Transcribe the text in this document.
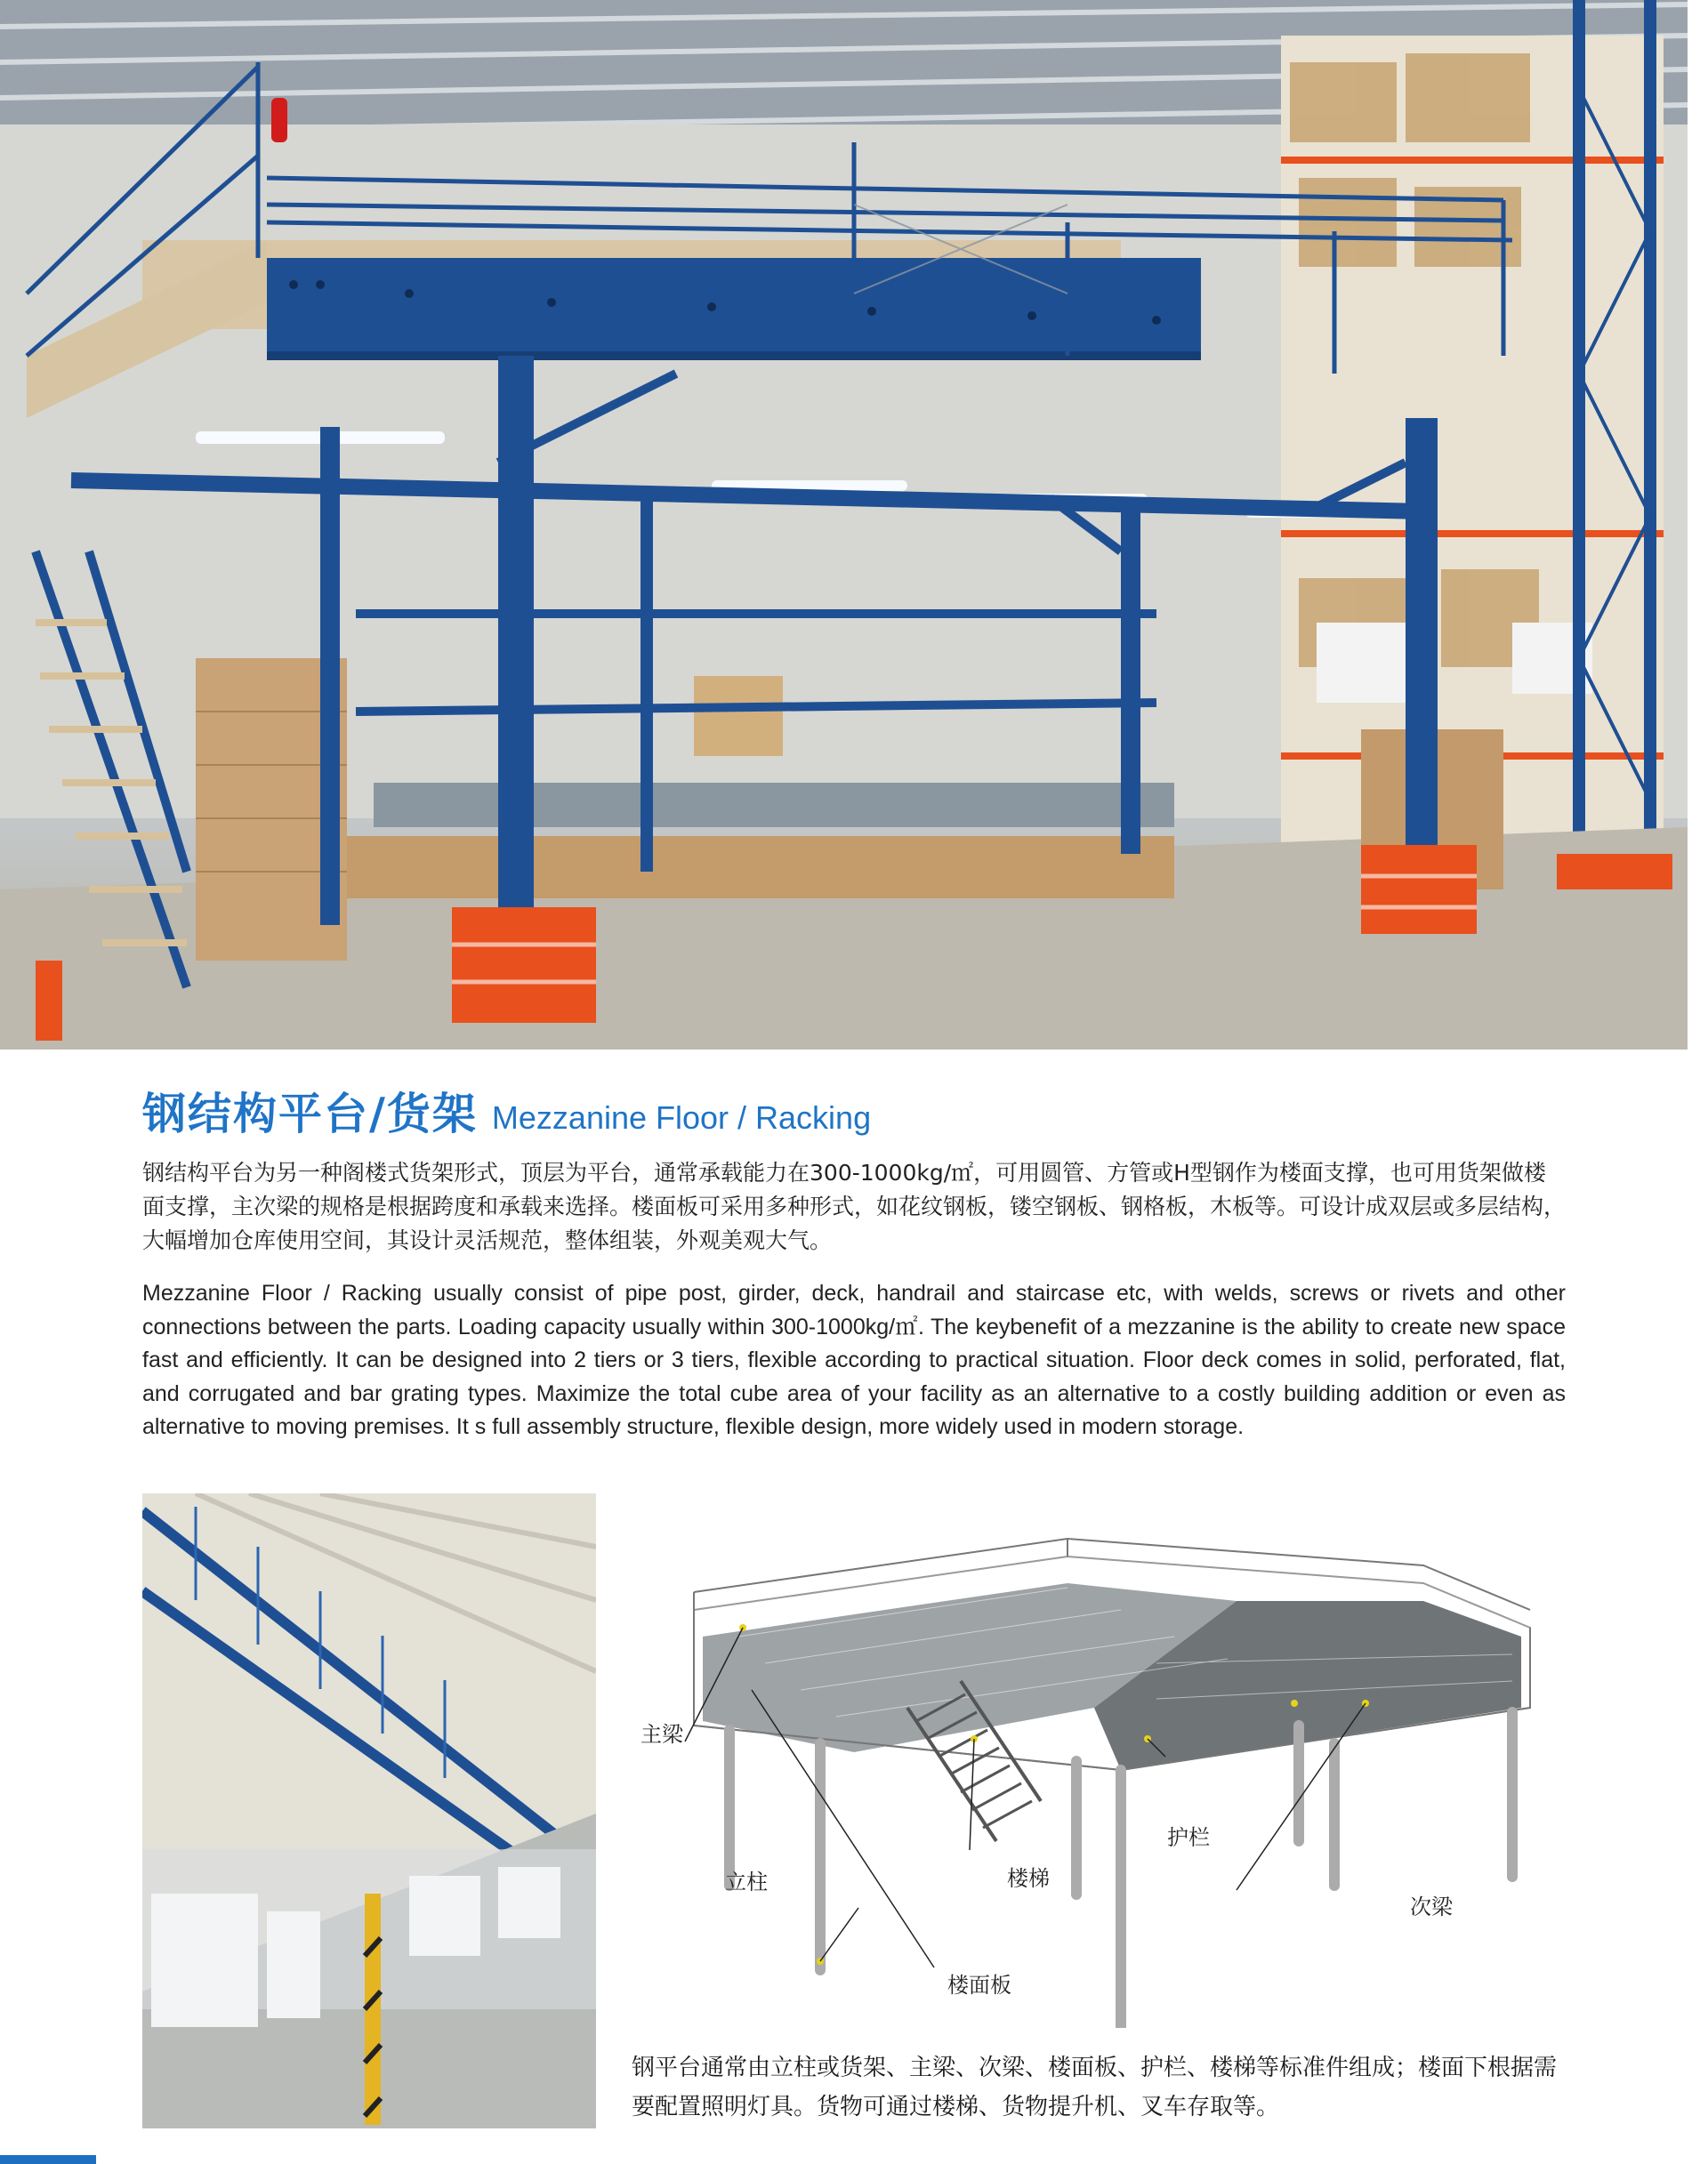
钢结构平台/货架 Mezzanine Floor / Racking
钢结构平台为另一种阁楼式货架形式，顶层为平台，通常承载能力在300-1000kg/㎡，可用圆管、方管或H型钢作为楼面支撑，也可用货架做楼面支撑，主次梁的规格是根据跨度和承载来选择。楼面板可采用多种形式，如花纹钢板，镂空钢板、钢格板，木板等。可设计成双层或多层结构，大幅增加仓库使用空间，其设计灵活规范，整体组装，外观美观大气。
Mezzanine Floor / Racking usually consist of pipe post, girder, deck, handrail and staircase etc, with welds, screws or rivets and other connections between the parts. Loading capacity usually within 300-1000kg/㎡. The keybenefit of a mezzanine is the ability to create new space fast and efficiently. It can be designed into 2 tiers or 3 tiers, flexible according to practical situation. Floor deck comes in solid, perforated, flat, and corrugated and bar grating types. Maximize the total cube area of your facility as an alternative to a costly building addition or even as alternative to moving premises. It s full assembly structure, flexible design, more widely used in modern storage.
主梁
立柱	楼梯
护栏
次梁
楼面板
钢平台通常由立柱或货架、主梁、次梁、楼面板、护栏、楼梯等标准件组成；楼面下根据需要配置照明灯具。货物可通过楼梯、货物提升机、叉车存取等。
